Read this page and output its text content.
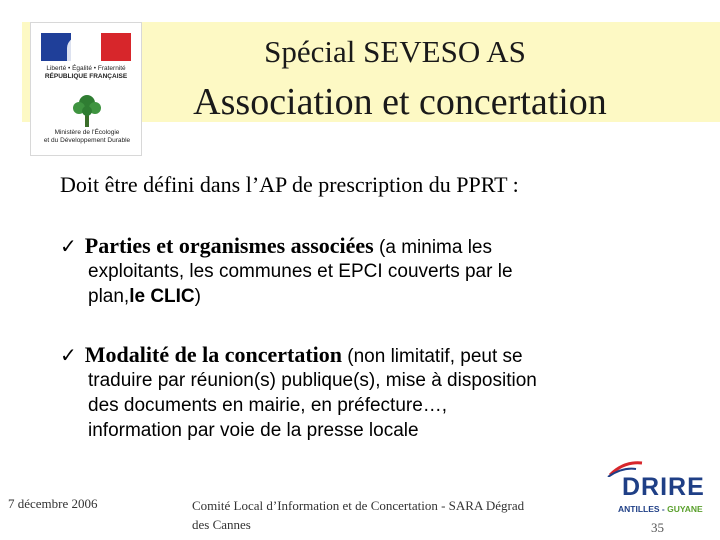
Liberté • Égalité • Fraternité
RÉPUBLIQUE FRANÇAISE
Ministère de l'Écologie
et du Développement Durable
Spécial SEVESO AS
Association et concertation
Doit être défini dans l’AP de prescription du PPRT :
✓ Parties et organismes associées (a minima les
exploitants, les communes et EPCI couverts par le
plan,le CLIC)
✓ Modalité de la concertation (non limitatif, peut se
traduire par réunion(s) publique(s), mise à disposition
des documents en mairie, en préfecture…,
information par voie de la presse locale
7 décembre 2006	Comité Local d’Information et de Concertation - SARA Dégrad
des Cannes
DRIRE
ANTILLES - GUYANE
35
